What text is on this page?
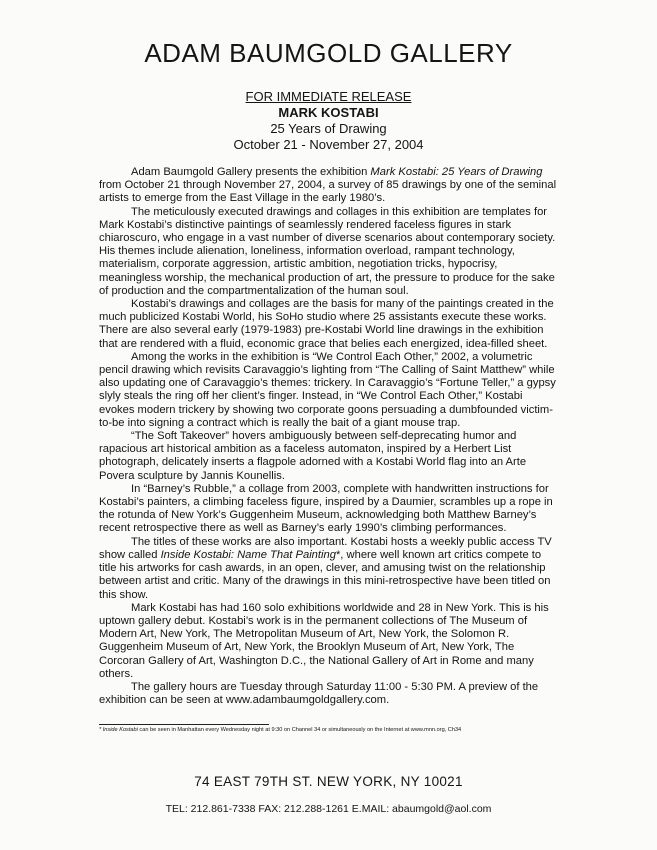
ADAM BAUMGOLD GALLERY
FOR IMMEDIATE RELEASE
MARK KOSTABI
25 Years of Drawing
October 21 - November 27, 2004

Adam Baumgold Gallery presents the exhibition Mark Kostabi: 25 Years of Drawing from October 21 through November 27, 2004, a survey of 85 drawings by one of the seminal artists to emerge from the East Village in the early 1980’s.

The meticulously executed drawings and collages in this exhibition are templates for Mark Kostabi’s distinctive paintings of seamlessly rendered faceless figures in stark chiaroscuro, who engage in a vast number of diverse scenarios about contemporary society. His themes include alienation, loneliness, information overload, rampant technology, materialism, corporate aggression, artistic ambition, negotiation tricks, hypocrisy, meaningless worship, the mechanical production of art, the pressure to produce for the sake of production and the compartmentalization of the human soul.

Kostabi’s drawings and collages are the basis for many of the paintings created in the much publicized Kostabi World, his SoHo studio where 25 assistants execute these works. There are also several early (1979-1983) pre-Kostabi World line drawings in the exhibition that are rendered with a fluid, economic grace that belies each energized, idea-filled sheet.

Among the works in the exhibition is “We Control Each Other,” 2002, a volumetric pencil drawing which revisits Caravaggio’s lighting from “The Calling of Saint Matthew” while also updating one of Caravaggio’s themes: trickery. In Caravaggio’s “Fortune Teller,” a gypsy slyly steals the ring off her client’s finger. Instead, in “We Control Each Other,” Kostabi evokes modern trickery by showing two corporate goons persuading a dumbfounded victim-to-be into signing a contract which is really the bait of a giant mouse trap.

“The Soft Takeover” hovers ambiguously between self-deprecating humor and rapacious art historical ambition as a faceless automaton, inspired by a Herbert List photograph, delicately inserts a flagpole adorned with a Kostabi World flag into an Arte Povera sculpture by Jannis Kounellis.

In “Barney’s Rubble,” a collage from 2003, complete with handwritten instructions for Kostabi’s painters, a climbing faceless figure, inspired by a Daumier, scrambles up a rope in the rotunda of New York’s Guggenheim Museum, acknowledging both Matthew Barney’s recent retrospective there as well as Barney’s early 1990’s climbing performances.

The titles of these works are also important. Kostabi hosts a weekly public access TV show called Inside Kostabi: Name That Painting*, where well known art critics compete to title his artworks for cash awards, in an open, clever, and amusing twist on the relationship between artist and critic. Many of the drawings in this mini-retrospective have been titled on this show.

Mark Kostabi has had 160 solo exhibitions worldwide and 28 in New York. This is his uptown gallery debut. Kostabi’s work is in the permanent collections of The Museum of Modern Art, New York, The Metropolitan Museum of Art, New York, the Solomon R. Guggenheim Museum of Art, New York, the Brooklyn Museum of Art, New York, The Corcoran Gallery of Art, Washington D.C., the National Gallery of Art in Rome and many others.

The gallery hours are Tuesday through Saturday 11:00 - 5:30 PM. A preview of the exhibition can be seen at www.adambaumgoldgallery.com.

* Inside Kostabi can be seen in Manhattan every Wednesday night at 9:30 on Channel 34 or simultaneously on the Internet at www.mnn.org, Ch34
74 EAST 79TH ST. NEW YORK, NY 10021
TEL: 212.861-7338 FAX: 212.288-1261 E.MAIL: abaumgold@aol.com
